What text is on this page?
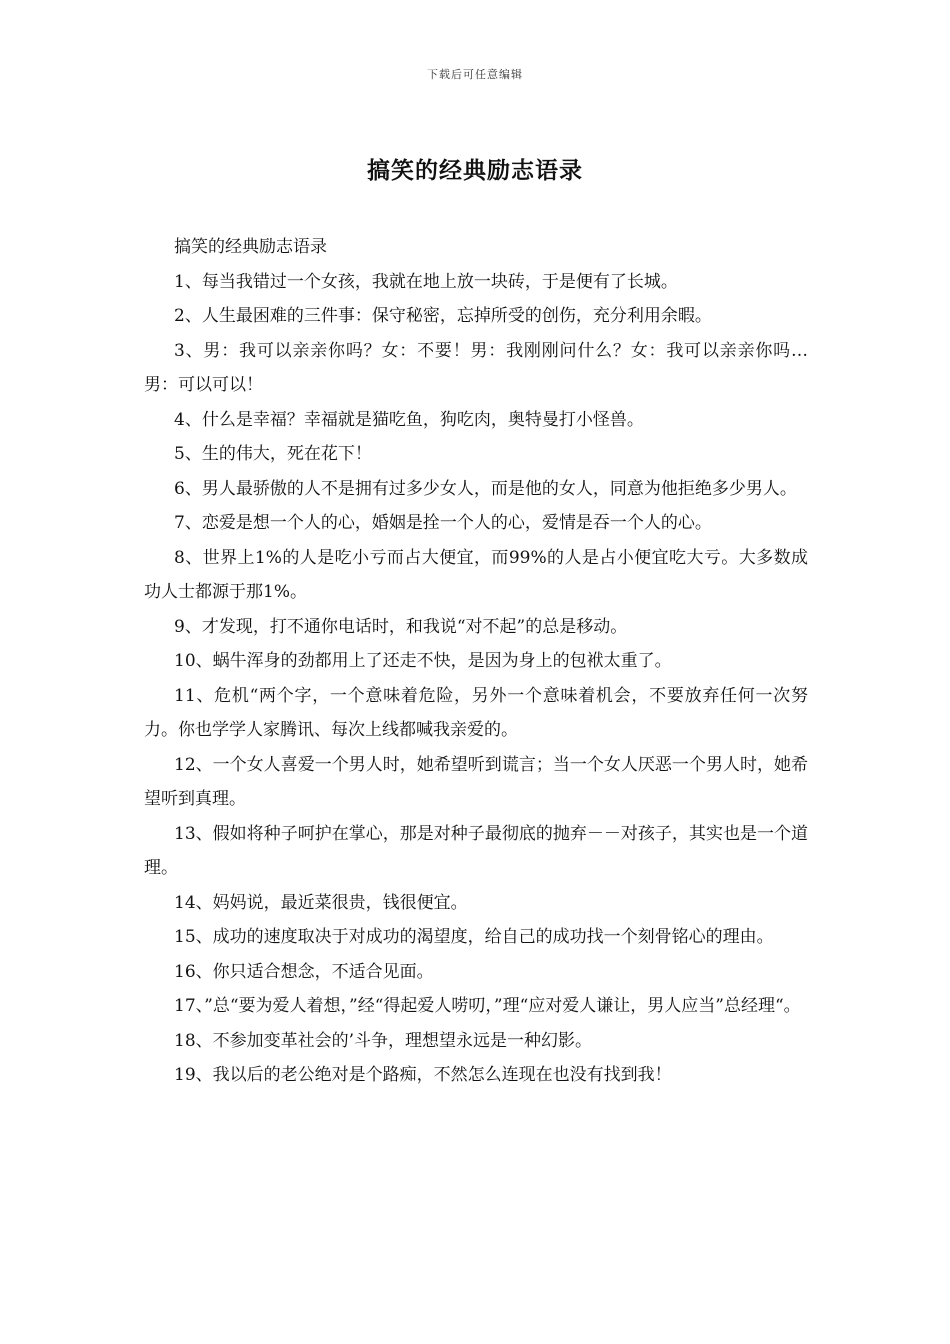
下载后可任意编辑
搞笑的经典励志语录

搞笑的经典励志语录

1、每当我错过一个女孩，我就在地上放一块砖，于是便有了长城。

2、人生最困难的三件事：保守秘密，忘掉所受的创伤，充分利用余暇。

3、男：我可以亲亲你吗？女：不要！男：我刚刚问什么？女：我可以亲亲你吗…男：可以可以！

4、什么是幸福？幸福就是猫吃鱼，狗吃肉，奥特曼打小怪兽。

5、生的伟大，死在花下！

6、男人最骄傲的人不是拥有过多少女人，而是他的女人，同意为他拒绝多少男人。

7、恋爱是想一个人的心，婚姻是拴一个人的心，爱情是吞一个人的心。

8、世界上1%的人是吃小亏而占大便宜，而99%的人是占小便宜吃大亏。大多数成功人士都源于那1%。

9、才发现，打不通你电话时，和我说“对不起”的总是移动。

10、蜗牛浑身的劲都用上了还走不快，是因为身上的包袱太重了。

11、危机“两个字，一个意味着危险，另外一个意味着机会，不要放弃任何一次努力。你也学学人家腾讯、每次上线都喊我亲爱的。

12、一个女人喜爱一个男人时，她希望听到谎言；当一个女人厌恶一个男人时，她希望听到真理。

13、假如将种子呵护在掌心，那是对种子最彻底的抛弃－－对孩子，其实也是一个道理。

14、妈妈说，最近菜很贵，钱很便宜。

15、成功的速度取决于对成功的渴望度，给自己的成功找一个刻骨铭心的理由。

16、你只适合想念，不适合见面。

17、”总“要为爱人着想，”经“得起爱人唠叨，”理“应对爱人谦让，男人应当”总经理“。

18、不参加变革社会的’斗争，理想望永远是一种幻影。

19、我以后的老公绝对是个路痴，不然怎么连现在也没有找到我！
